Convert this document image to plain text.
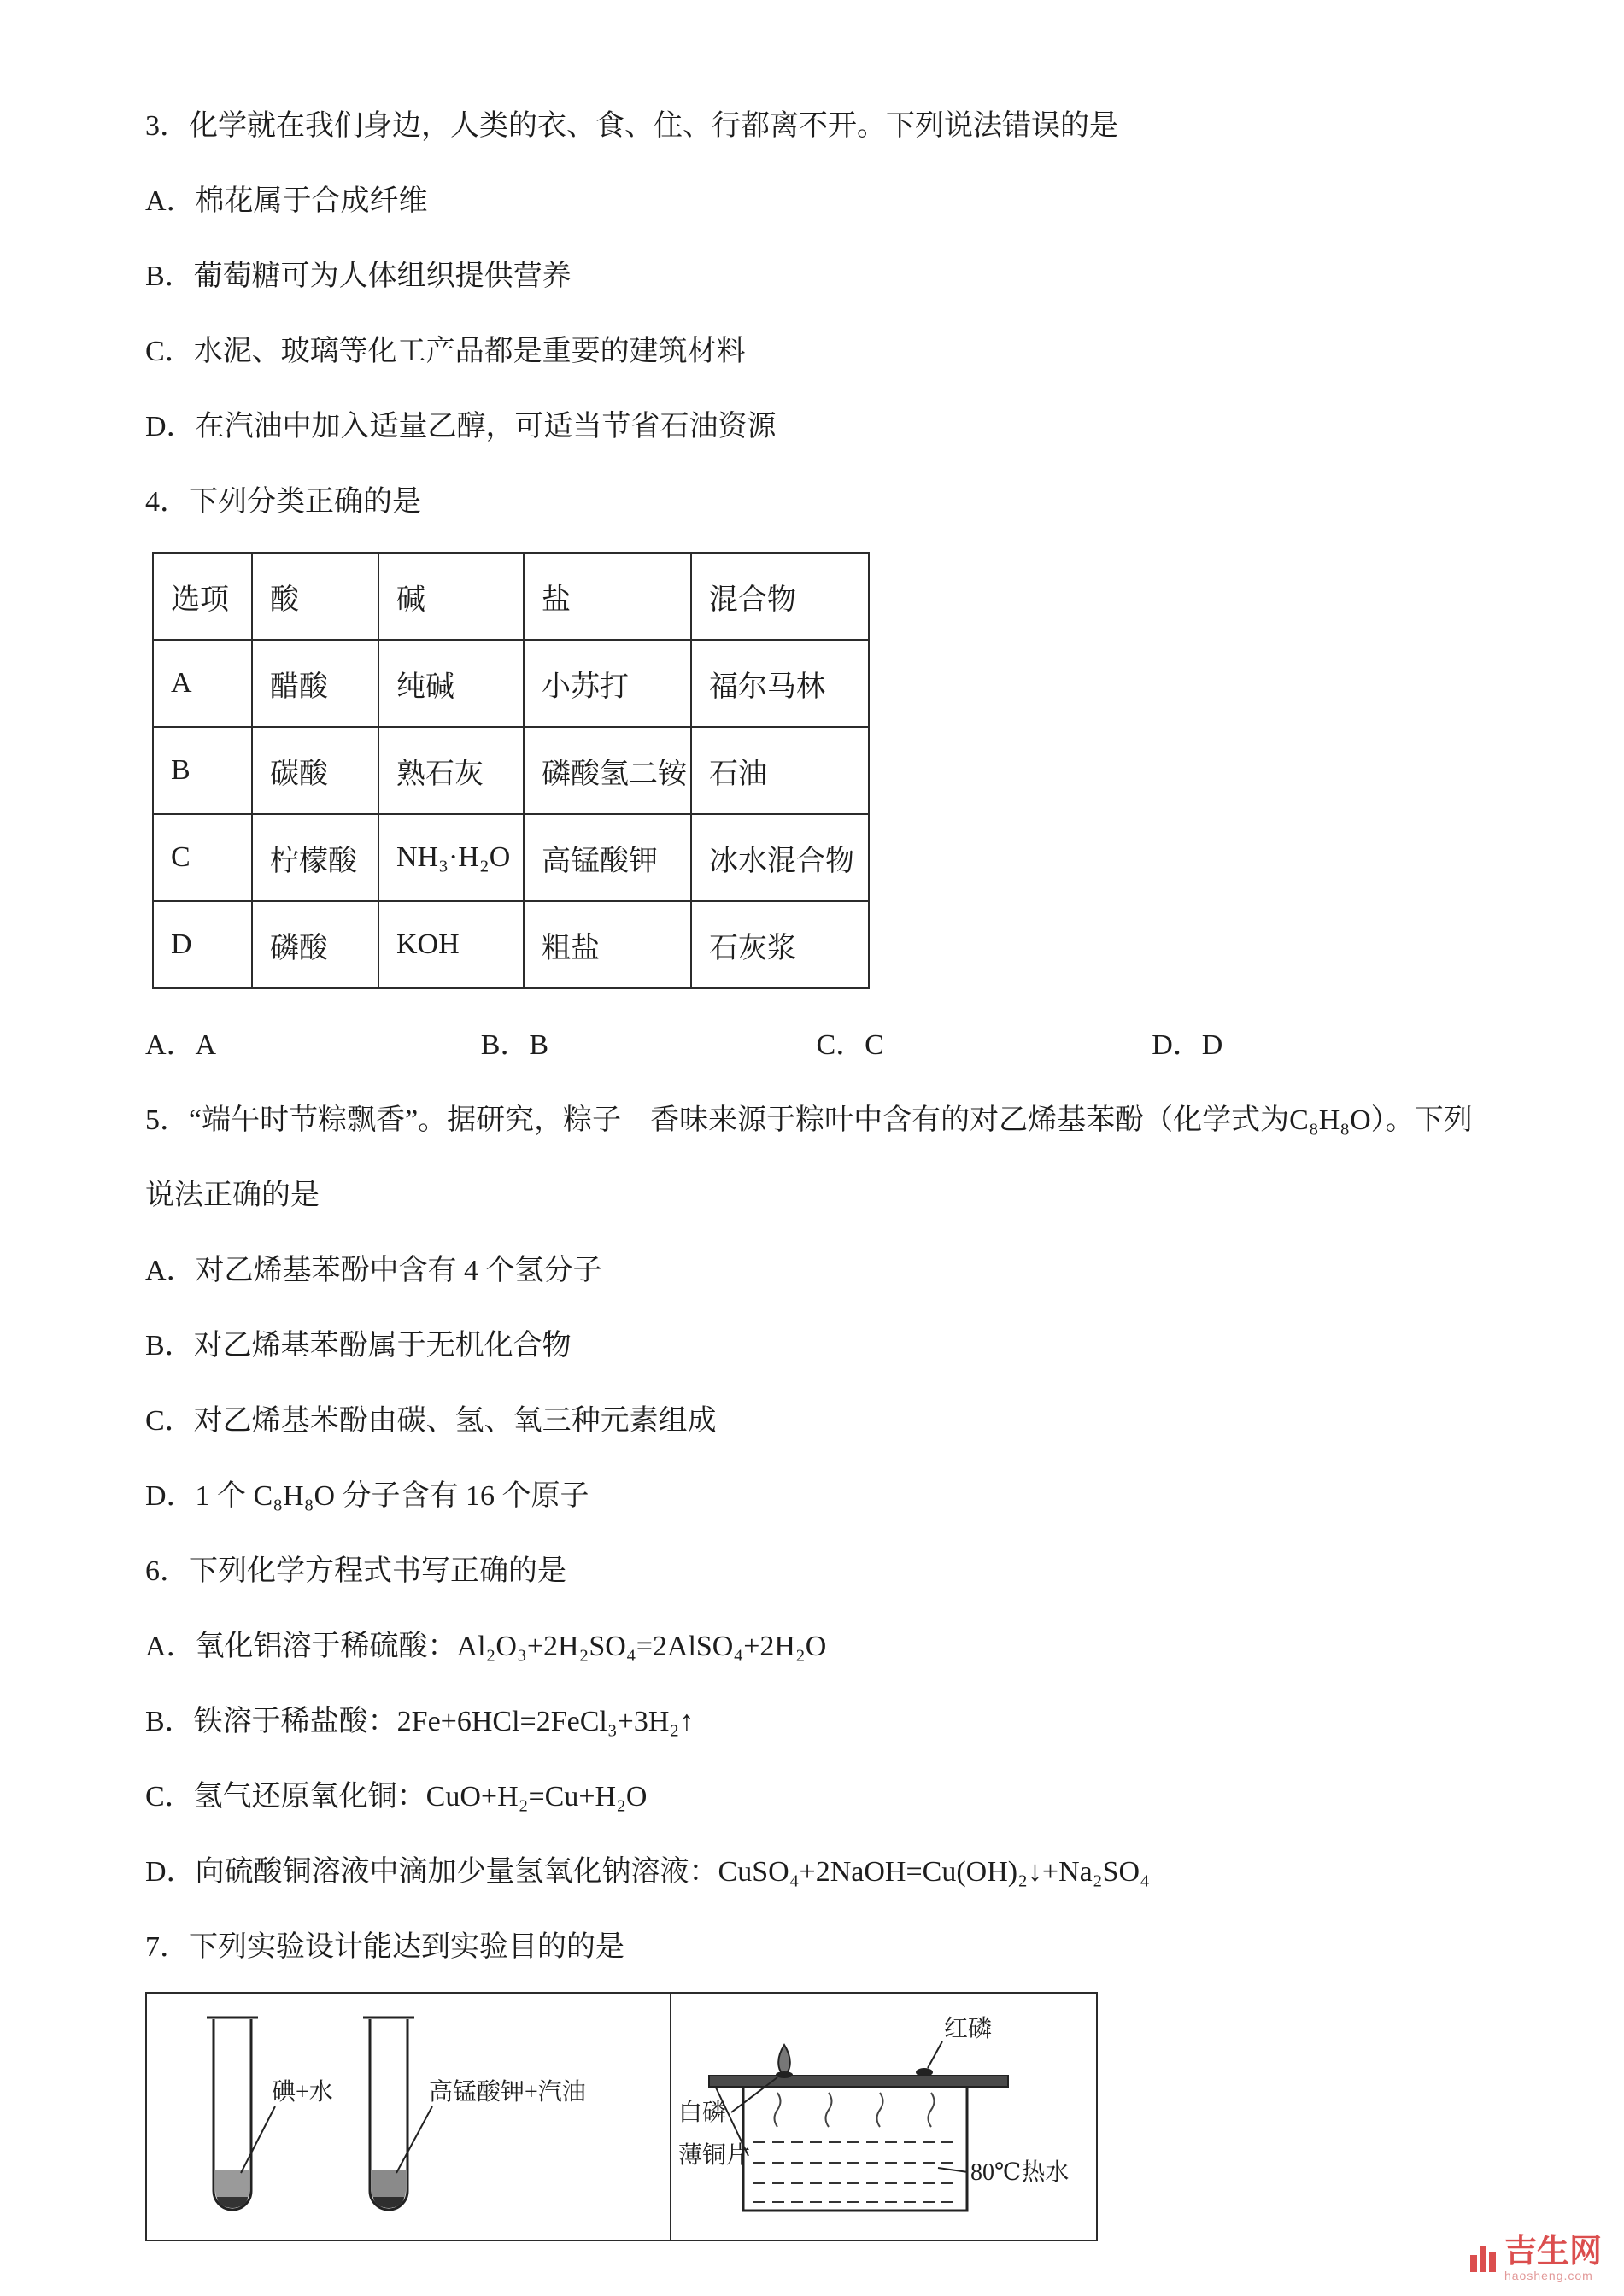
3．化学就在我们身边，人类的衣、食、住、行都离不开。下列说法错误的是

A．棉花属于合成纤维

B．葡萄糖可为人体组织提供营养

C．水泥、玻璃等化工产品都是重要的建筑材料

D．在汽油中加入适量乙醇，可适当节省石油资源

4．下列分类正确的是

选项	酸	碱	盐	混合物
A	醋酸	纯碱	小苏打	福尔马林
B	碳酸	熟石灰	磷酸氢二铵	石油
C	柠檬酸	NH₃·H₂O	高锰酸钾	冰水混合物
D	磷酸	KOH	粗盐	石灰浆
A．A	B．B	C．C	D．D

5．“端午时节粽飘香”。据研究，粽子　香味来源于粽叶中含有的对乙烯基苯酚（化学式为C₈H₈O）。下列说法正确的是

A．对乙烯基苯酚中含有 4 个氢分子

B．对乙烯基苯酚属于无机化合物

C．对乙烯基苯酚由碳、氢、氧三种元素组成

D．1 个 C₈H₈O 分子含有 16 个原子

6．下列化学方程式书写正确的是

A．氧化铝溶于稀硫酸：Al₂O₃+2H₂SO₄=2AlSO₄+2H₂O

B．铁溶于稀盐酸：2Fe+6HCl=2FeCl₃+3H₂↑

C．氢气还原氧化铜：CuO+H₂=Cu+H₂O

D．向硫酸铜溶液中滴加少量氢氧化钠溶液：CuSO₄+2NaOH=Cu(OH)₂↓+Na₂SO₄

7．下列实验设计能达到实验目的的是

碘+水	高锰酸钾+汽油
红磷
白磷
薄铜片
80℃热水
吉生网
haosheng.com
